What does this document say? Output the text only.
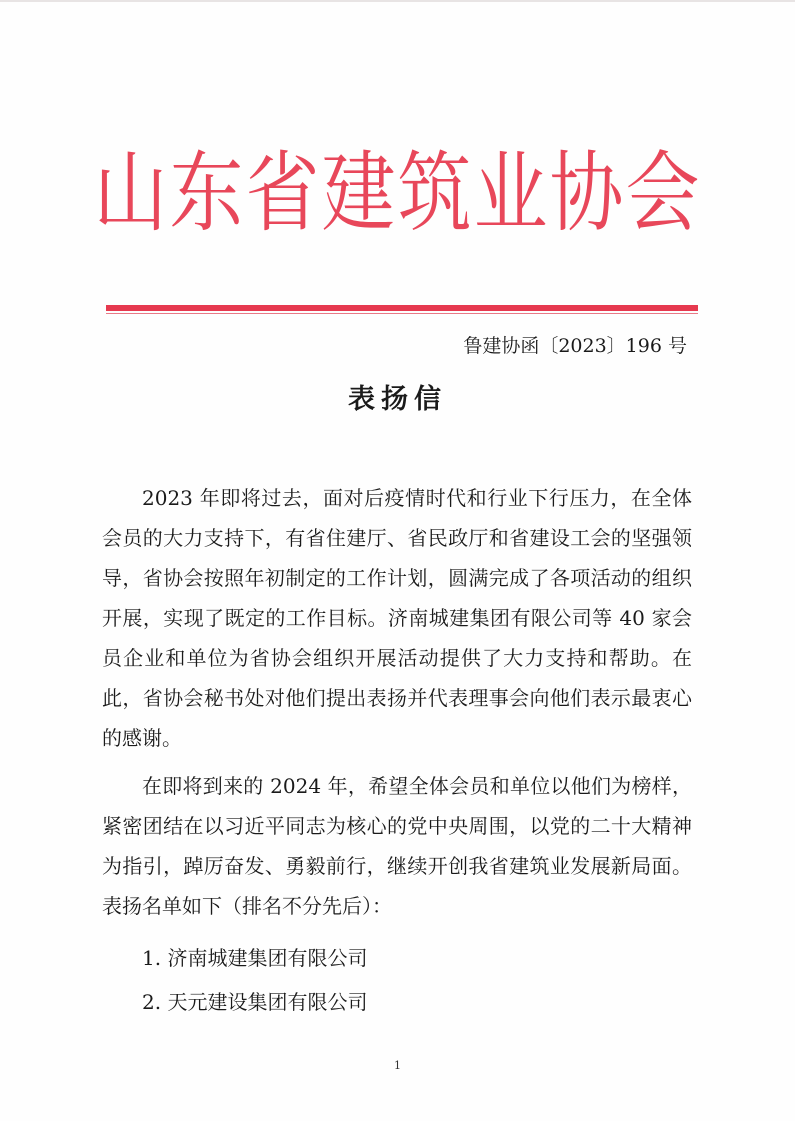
山东省建筑业协会
鲁建协函〔2023〕196 号
表扬信

2023 年即将过去，面对后疫情时代和行业下行压力，在全体会员的大力支持下，有省住建厅、省民政厅和省建设工会的坚强领导，省协会按照年初制定的工作计划，圆满完成了各项活动的组织开展，实现了既定的工作目标。济南城建集团有限公司等 40 家会员企业和单位为省协会组织开展活动提供了大力支持和帮助。在此，省协会秘书处对他们提出表扬并代表理事会向他们表示最衷心的感谢。

在即将到来的 2024 年，希望全体会员和单位以他们为榜样，紧密团结在以习近平同志为核心的党中央周围，以党的二十大精神为指引，踔厉奋发、勇毅前行，继续开创我省建筑业发展新局面。表扬名单如下（排名不分先后）：

1. 济南城建集团有限公司
2. 天元建设集团有限公司
1
